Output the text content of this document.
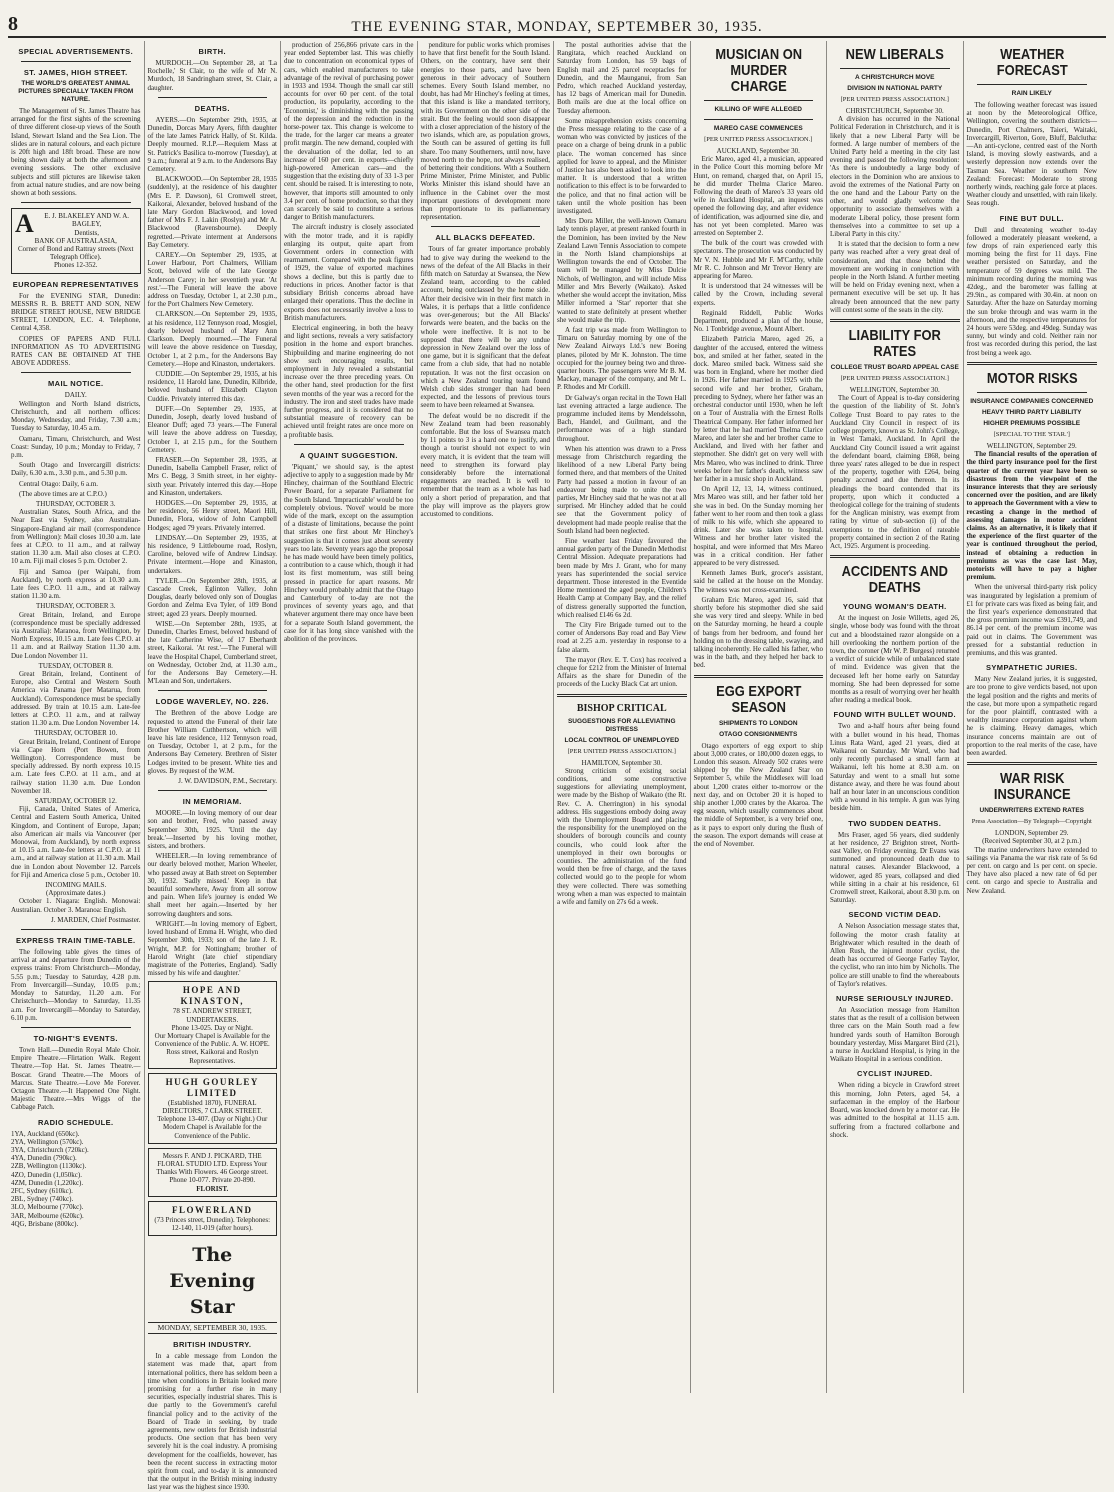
8	THE EVENING STAR, MONDAY, SEPTEMBER 30, 1935.
SPECIAL ADVERTISEMENTS.
ST. JAMES, HIGH STREET.
THE WORLD'S GREATEST ANIMAL PICTURES SPECIALLY TAKEN FROM NATURE.

The Management of St. James Theatre has arranged for the first sights of the screening of three different close-up views of the South Island, Stewart Island and the Sea Lion. The slides are in natural colours, and each picture is 20ft high and 18ft broad. These are now being shown daily at both the afternoon and evening sessions. The other exclusive subjects and still pictures are likewise taken from actual nature studies, and are now being shown at both sessions.

A	E. J. BLAKELEY AND W. A. BAGLEY,
Dentists,
BANK OF AUSTRALASIA,
Corner of Bond and Rattray streets (Next Telegraph Office).
Phones 12-352.
EUROPEAN REPRESENTATIVES

For the EVENING STAR, Dunedin: MESSRS R. B. BRETT AND SON, NEW BRIDGE STREET HOUSE, NEW BRIDGE STREET, LONDON, E.C. 4. Telephone, Central 4,358.

COPIES OF PAPERS AND FULL INFORMATION AS TO ADVERTISING RATES CAN BE OBTAINED AT THE ABOVE ADDRESS.

MAIL NOTICE.
DAILY.

Wellington and North Island districts, Christchurch, and all northern offices: Monday, Wednesday, and Friday, 7.30 a.m.; Tuesday to Saturday, 10.45 a.m.

Oamaru, Timaru, Christchurch, and West Coast: Sunday, 10 p.m.; Monday to Friday, 7 p.m.

South Otago and Invercargill districts: Daily, 6.30 a.m., 3.30 p.m., and 5.30 p.m.

Central Otago: Daily, 6 a.m.

(The above times are at C.P.O.)

THURSDAY, OCTOBER 3.

Australian States, South Africa, and the Near East via Sydney, also Australian-Singapore-England air mail (correspondence from Wellington): Mail closes 10.30 a.m. late fees at C.P.O. to 11 a.m., and at railway station 11.30 a.m. Mail also closes at C.P.O. 10 a.m. Fiji mail closes 5 p.m. October 2.

Fiji and Samoa (per Waipahi, from Auckland), by north express at 10.30 a.m. Late fees C.P.O. 11 a.m., and at railway station 11.30 a.m.

THURSDAY, OCTOBER 3.

Great Britain, Ireland, and Europe (correspondence must be specially addressed via Australia): Maranoa, from Wellington, by North Express, 10.15 a.m. Late fees C.P.O. at 11 a.m. and at Railway Station 11.30 a.m. Due London November 11.

TUESDAY, OCTOBER 8.

Great Britain, Ireland, Continent of Europe, also Central and Western South America via Panama (per Matarua, from Auckland). Correspondence must be specially addressed. By train at 10.15 a.m. Late-fee letters at C.P.O. 11 a.m., and at railway station 11.30 a.m. Due London November 14.

THURSDAY, OCTOBER 10.

Great Britain, Ireland, Continent of Europe via Cape Horn (Port Bowen, from Wellington). Correspondence must be specially addressed. By north express 10.15 a.m. Late fees C.P.O. at 11 a.m., and at railway station 11.30 a.m. Due London November 18.

SATURDAY, OCTOBER 12.

Fiji, Canada, United States of America, Central and Eastern South America, United Kingdom, and Continent of Europe, Japan; also American air mails via Vancouver (per Monowai, from Auckland), by north express at 10.15 a.m. Late-fee letters at C.P.O. at 11 a.m., and at railway station at 11.30 a.m. Mail due in London about November 12. Parcels for Fiji and America close 5 p.m., October 10.

INCOMING MAILS.
(Approximate dates.)

October 1. Niagara: English. Monowai: Australian. October 3. Maranoa: English.

J. MARDEN, Chief Postmaster.
EXPRESS TRAIN TIME-TABLE.

The following table gives the times of arrival at and departure from Dunedin of the express trains: From Christchurch—Monday, 5.55 p.m.; Tuesday to Saturday, 4.28 p.m. From Invercargill—Sunday, 10.05 p.m.; Monday to Saturday, 11.20 a.m. For Christchurch—Monday to Saturday, 11.35 a.m. For Invercargill—Monday to Saturday, 6.10 p.m.

TO-NIGHT'S EVENTS.

Town Hall.—Dunedin Royal Male Choir. Empire Theatre.—Flirtation Walk. Regent Theatre.—Top Hat. St. James Theatre.—Boscar. Grand Theatre.—The Moors of Marcus. State Theatre.—Love Me Forever. Octagon Theatre.—It Happened One Night. Majestic Theatre.—Mrs Wiggs of the Cabbage Patch.

RADIO SCHEDULE.
1YA, Auckland (650kc).
2YA, Wellington (570kc).
3YA, Christchurch (720kc).
4YA, Dunedin (790kc).
2ZB, Wellington (1130kc).
4ZO, Dunedin (1,050kc).
4ZM, Dunedin (1,220kc).
2FC, Sydney (610kc).
2BL, Sydney (740kc).
3LO, Melbourne (770kc).
3AR, Melbourne (620kc).
4QG, Brisbane (800kc).
BIRTH.

MURDOCH.—On September 28, at 'La Rochelle,' St Clair, to the wife of Mr N. Murdoch, 18 Sandringham street, St. Clair, a daughter.

DEATHS.

AYERS.—On September 29th, 1935, at Dunedin, Dorcas Mary Ayers, fifth daughter of the late James Patrick Hally, of St. Kilda. Deeply mourned. R.I.P.—Requiem Mass at St. Patrick's Basilica to-morrow (Tuesday), at 9 a.m.; funeral at 9 a.m. to the Andersons Bay Cemetery.

BLACKWOOD.—On September 28, 1935 (suddenly), at the residence of his daughter (Mrs E. P. Dawson), 61 Cromwell street, Kaikorai, Alexander, beloved husband of the late Mary Gordon Blackwood, and loved father of Mrs F. J. Lakin (Roslyn) and Mr A. Blackwood (Ravensbourne). Deeply regretted.—Private interment at Andersons Bay Cemetery.

CAREY.—On September 29, 1935, at Lower Harbour, Port Chalmers, William Scott, beloved wife of the late George Anderson Carey; in her seventieth year. 'At rest.'—The Funeral will leave the above address on Tuesday, October 1, at 2.30 p.m., for the Port Chalmers New Cemetery.

CLARKSON.—On September 29, 1935, at his residence, 112 Tennyson road, Mosgiel, dearly beloved husband of Mary Ann Clarkson. Deeply mourned.—The Funeral will leave the above residence on Tuesday, October 1, at 2 p.m., for the Andersons Bay Cemetery.—Hope and Kinaston, undertakers.

CUDDIE.—On September 29, 1935, at his residence, 11 Harold lane, Dunedin, Kilbride, beloved husband of Elizabeth Clayton Cuddie. Privately interred this day.

DUFF.—On September 29, 1935, at Dunedin, Joseph, dearly loved husband of Eleanor Duff; aged 73 years.—The Funeral will leave the above address on Tuesday, October 1, at 2.15 p.m., for the Southern Cemetery.

FRASER.—On September 28, 1935, at Dunedin, Isabella Campbell Fraser, relict of Mrs C. Begg, 3 Smith street, in her eighty-sixth year. Privately interred this day.—Hope and Kinaston, undertakers.

HODGES.—On September 29, 1935, at her residence, 56 Henry street, Maori Hill, Dunedin, Flora, widow of John Campbell Hodges; aged 79 years. Privately interred.

LINDSAY.—On September 29, 1935, at his residence, 9 Littlebourne road, Roslyn, Caroline, beloved wife of Andrew Lindsay. Private interment.—Hope and Kinaston, undertakers.

TYLER.—On September 28th, 1935, at Cascade Creek, Eglinton Valley, John Douglas, dearly beloved only son of Douglas Gordon and Zelma Eva Tyler, of 109 Bond street; aged 23 years. Deeply mourned.

WISE.—On September 28th, 1935, at Dunedin, Charles Ernest, beloved husband of the late Catherine Wise, of 17 Eberhardt street, Kaikorai. 'At rest.'—The Funeral will leave the Hospital Chapel, Cumberland street, on Wednesday, October 2nd, at 11.30 a.m., for the Andersons Bay Cemetery.—H. M'Lean and Son, undertakers.

LODGE WAVERLEY, NO. 226.

The Brethren of the above Lodge are requested to attend the Funeral of their late Brother William Cuthbertson, which will leave his late residence, 112 Tennyson road, on Tuesday, October 1, at 2 p.m., for the Andersons Bay Cemetery. Brethren of Sister Lodges invited to be present. White ties and gloves. By request of the W.M.

J. W. DAVIDSON, P.M., Secretary.
IN MEMORIAM.

MOORE.—In loving memory of our dear son and brother, Fred, who passed away September 30th, 1925. 'Until the day break.'—Inserted by his loving mother, sisters, and brothers.

WHEELER.—In loving remembrance of our dearly beloved mother, Marion Wheeler, who passed away at Bath street on September 30, 1932. 'Sadly missed.' Keep in that beautiful somewhere, Away from all sorrow and pain. When life's journey is ended We shall meet her again.—Inserted by her sorrowing daughters and sons.

WRIGHT.—In loving memory of Egbert, loved husband of Emma H. Wright, who died September 30th, 1933; son of the late J. R. Wright, M.P. for Nottingham; brother of Harold Wright (late chief stipendiary magistrate of the Potteries, England). 'Sadly missed by his wife and daughter.'

HOPE AND KINASTON,
78 ST. ANDREW STREET, UNDERTAKERS.
Phone 13-025. Day or Night.
Our Mortuary Chapel is Available for the Convenience of the Public. A. W. HOPE. Ross street, Kaikorai and Roslyn Representatives.
HUGH GOURLEY LIMITED
(Established 1870), FUNERAL DIRECTORS, 7 CLARK STREET. Telephone 13-407. (Day or Night.) Our Modern Chapel is Available for the Convenience of the Public.
Messrs F. AND J. PICKARD, THE FLORAL STUDIO LTD. Express Your Thanks With Flowers. 46 George street. Phone 10-077. Private 20-890.
FLORIST.
FLOWERLAND
(73 Princes street, Dunedin). Telephones: 12-140, 11-019 (after hours).
The Evening Star
MONDAY, SEPTEMBER 30, 1935.
BRITISH INDUSTRY.

In a cable message from London the statement was made that, apart from international politics, there has seldom been a time when conditions in Britain looked more promising for a further rise in many securities, especially industrial shares. This is due partly to the Government's careful financial policy and to the activity of the Board of Trade in seeking, by trade agreements, new outlets for British industrial products. One section that has been very severely hit is the coal industry. A promising development for the coalfields, however, has been the recent success in extracting motor spirit from coal, and to-day it is announced that the output in the British mining industry last year was the highest since 1930.

production of 256,866 private cars in the year ended September last. This was chiefly due to concentration on economical types of cars, which enabled manufacturers to take advantage of the revival of purchasing power in 1933 and 1934. Though the small car still accounts for over 60 per cent. of the total production, its popularity, according to the 'Economist,' is diminishing with the passing of the depression and the reduction in the horse-power tax. This change is welcome to the trade, for the larger car means a greater profit margin. The new demand, coupled with the devaluation of the dollar, led to an increase of 160 per cent. in exports—chiefly high-powered American cars—and the suggestion that the existing duty of 33 1-3 per cent. should be raised. It is interesting to note, however, that imports still amounted to only 3.4 per cent. of home production, so that they can scarcely be said to constitute a serious danger to British manufacturers.

The aircraft industry is closely associated with the motor trade, and it is rapidly enlarging its output, quite apart from Government orders in connection with rearmament. Compared with the peak figures of 1929, the value of exported machines shows a decline, but this is partly due to reductions in prices. Another factor is that subsidiary British concerns abroad have enlarged their operations. Thus the decline in exports does not necessarily involve a loss to British manufacturers.

Electrical engineering, in both the heavy and light sections, reveals a very satisfactory position in the home and export branches. Shipbuilding and marine engineering do not show such encouraging results, but employment in July revealed a substantial increase over the three preceding years. On the other hand, steel production for the first seven months of the year was a record for the industry. The iron and steel trades have made further progress, and it is considered that no substantial measure of recovery can be achieved until freight rates are once more on a profitable basis.

A QUAINT SUGGESTION.

'Piquant,' we should say, is the aptest adjective to apply to a suggestion made by Mr Hinchey, chairman of the Southland Electric Power Board, for a separate Parliament for the South Island. 'Impracticable' would be too completely obvious. 'Novel' would be more wide of the mark, except on the assumption of a distaste of limitations, because the point that strikes one first about Mr Hinchey's suggestion is that it comes just about seventy years too late. Seventy years ago the proposal he has made would have been timely politics, a contribution to a cause which, though it had lost its first momentum, was still being pressed in practice for apart reasons. Mr Hinchey would probably admit that the Otago and Canterbury of to-day are not the provinces of seventy years ago, and that whatever argument there may once have been for a separate South Island government, the case for it has long since vanished with the abolition of the provinces.

penditure for public works which promises to have that first benefit for the South Island. Others, on the contrary, have sent their energies to those parts, and have been generous in their advocacy of Southern schemes. Every South Island member, no doubt, has had Mr Hinchey's feeling at times, that this island is like a mandated territory, with its Government on the other side of the strait. But the feeling would soon disappear with a closer appreciation of the history of the two islands, which are, as population grows, the South can be assured of getting its full share. Too many Southerners, until now, have moved north to the hope, not always realised, of bettering their conditions. With a Southern Prime Minister, Prime Minister, and Public Works Minister this island should have an influence in the Cabinet over the most important questions of development more than proportionate to its parliamentary representation.

ALL BLACKS DEFEATED.

Tours of far greater importance probably had to give way during the weekend to the news of the defeat of the All Blacks in their fifth match on Saturday at Swansea, the New Zealand team, according to the cabled account, being outclassed by the home side. After their decisive win in their first match in Wales, it is perhaps that a little confidence was over-generous; but the All Blacks' forwards were beaten, and the backs on the whole were ineffective. It is not to be supposed that there will be any undue depression in New Zealand over the loss of one game, but it is significant that the defeat came from a club side, that had no notable reputation. It was not the first occasion on which a New Zealand touring team found Welsh club sides stronger than had been expected, and the lessons of previous tours seem to have been relearned at Swansea.

The defeat would be no discredit if the New Zealand team had been reasonably comfortable. But the loss of Swansea match by 11 points to 3 is a hard one to justify, and though a tourist should not expect to win every match, it is evident that the team will need to strengthen its forward play considerably before the international engagements are reached. It is well to remember that the team as a whole has had only a short period of preparation, and that the play will improve as the players grow accustomed to conditions.

The postal authorities advise that the Rangitata, which reached Auckland on Saturday from London, has 59 bags of English mail and 25 parcel receptacles for Dunedin, and the Maunganui, from San Pedro, which reached Auckland yesterday, has 12 bags of American mail for Dunedin. Both mails are due at the local office on Tuesday afternoon.

Some misapprehension exists concerning the Press message relating to the case of a woman who was convicted by justices of the peace on a charge of being drunk in a public place. The woman concerned has since applied for leave to appeal, and the Minister of Justice has also been asked to look into the matter. It is understood that a written notification to this effect is to be forwarded to the police, and that no final action will be taken until the whole position has been investigated.

Mrs Dora Miller, the well-known Oamaru lady tennis player, at present ranked fourth in the Dominion, has been invited by the New Zealand Lawn Tennis Association to compete in the North Island championships at Wellington towards the end of October. The team will be managed by Miss Dulcie Nichols, of Wellington, and will include Miss Miller and Mrs Beverly (Waikato). Asked whether she would accept the invitation, Miss Miller informed a 'Star' reporter that she wanted to state definitely at present whether she would make the trip.

A fast trip was made from Wellington to Timaru on Saturday morning by one of the New Zealand Airways Ltd.'s new Boeing planes, piloted by Mr K. Johnston. The time occupied for the journey being two and three-quarter hours. The passengers were Mr B. M. Mackay, manager of the company, and Mr L. P. Rhodes and Mr Corkill.

Dr Galway's organ recital in the Town Hall last evening attracted a large audience. The programme included items by Mendelssohn, Bach, Handel, and Guilmant, and the performance was of a high standard throughout.

When his attention was drawn to a Press message from Christchurch regarding the likelihood of a new Liberal Party being formed there, and that members of the United Party had passed a motion in favour of an endeavour being made to unite the two parties, Mr Hinchey said that he was not at all surprised. Mr Hinchey added that he could see that the Government policy of development had made people realise that the South Island had been neglected.

Fine weather last Friday favoured the annual garden party of the Dunedin Methodist Central Mission. Adequate preparations had been made by Mrs J. Grant, who for many years has superintended the social service department. Those interested in the Eventide Home mentioned the aged people, Children's Health Camp at Company Bay, and the relief of distress generally supported the function, which realised £146 6s 2d.

The City Fire Brigade turned out to the corner of Andersons Bay road and Bay View road at 2.25 a.m. yesterday in response to a false alarm.

The mayor (Rev. E. T. Cox) has received a cheque for £212 from the Minister of Internal Affairs as the share for Dunedin of the proceeds of the Lucky Black Cat art union.

BISHOP CRITICAL
SUGGESTIONS FOR ALLEVIATING DISTRESS
LOCAL CONTROL OF UNEMPLOYED
[PER UNITED PRESS ASSOCIATION.]
HAMILTON, September 30.

Strong criticism of existing social conditions, and some constructive suggestions for alleviating unemployment, were made by the Bishop of Waikato (the Rt. Rev. C. A. Cherrington) in his synodal address. His suggestions embody doing away with the Unemployment Board and placing the responsibility for the unemployed on the shoulders of borough councils and county councils, who could look after the unemployed in their own boroughs or counties. The administration of the fund would then be free of charge, and the taxes collected would go to the people for whom they were collected. There was something wrong when a man was expected to maintain a wife and family on 27s 6d a week.

MUSICIAN ON MURDER CHARGE
KILLING OF WIFE ALLEGED
MAREO CASE COMMENCES
[PER UNITED PRESS ASSOCIATION.]
AUCKLAND, September 30.

Eric Mareo, aged 41, a musician, appeared in the Police Court this morning before Mr Hunt, on remand, charged that, on April 15, he did murder Thelma Clarice Mareo. Following the death of Mareo's 33 years old wife in Auckland Hospital, an inquest was opened the following day, and after evidence of identification, was adjourned sine die, and has not yet been completed. Mareo was arrested on September 2.

The bulk of the court was crowded with spectators. The prosecution was conducted by Mr V. N. Hubble and Mr F. M'Carthy, while Mr R. C. Johnson and Mr Trevor Henry are appearing for Mareo.

It is understood that 24 witnesses will be called by the Crown, including several experts.

Reginald Riddell, Public Works Department, produced a plan of the house, No. 1 Tonbridge avenue, Mount Albert.

Elizabeth Patricia Mareo, aged 26, a daughter of the accused, entered the witness box, and smiled at her father, seated in the dock. Mareo smiled back. Witness said she was born in England, where her mother died in 1926. Her father married in 1925 with the second wife and her brother, Graham, preceding to Sydney, where her father was an orchestral conductor until 1930, when he left on a Tour of Australia with the Ernest Rolls Theatrical Company. Her father informed her by letter that he had married Thelma Clarice Mareo, and later she and her brother came to Auckland, and lived with her father and stepmother. She didn't get on very well with Mrs Mareo, who was inclined to drink. Three weeks before her father's death, witness saw her father in a music shop in Auckland.

On April 12, 13, 14, witness continued, Mrs Mareo was still, and her father told her she was in bed. On the Sunday morning her father went to her room and then took a glass of milk to his wife, which she appeared to drink. Later she was taken to hospital. Witness and her brother later visited the hospital, and were informed that Mrs Mareo was in a critical condition. Her father appeared to be very distressed.

Kenneth James Burk, grocer's assistant, said he called at the house on the Monday. The witness was not cross-examined.

Graham Eric Mareo, aged 16, said that shortly before his stepmother died she said she was very tired and sleepy. While in bed on the Saturday morning, he heard a couple of bangs from her bedroom, and found her holding on to the dressing table, swaying, and talking incoherently. He called his father, who was in the bath, and they helped her back to bed.

EGG EXPORT SEASON
SHIPMENTS TO LONDON
OTAGO CONSIGNMENTS

Otago exporters of egg export to ship about 3,000 crates, or 180,000 dozen eggs, to London this season. Already 502 crates were shipped by the New Zealand Star on September 5, while the Middlesex will load about 1,200 crates either to-morrow or the next day, and on October 20 it is hoped to ship another 1,000 crates by the Akaroa. The egg season, which usually commences about the middle of September, is a very brief one, as it pays to export only during the flush of the season. The export demands will cease at the end of November.

NEW LIBERALS
A CHRISTCHURCH MOVE
DIVISION IN NATIONAL PARTY
[PER UNITED PRESS ASSOCIATION.]
CHRISTCHURCH, September 30.

A division has occurred in the National Political Federation in Christchurch, and it is likely that a new Liberal Party will be formed. A large number of members of the United Party held a meeting in the city last evening and passed the following resolution: 'As there is undoubtedly a large body of electors in the Dominion who are anxious to avoid the extremes of the National Party on the one hand and the Labour Party on the other, and would gladly welcome the opportunity to associate themselves with a moderate Liberal policy, those present form themselves into a committee to set up a Liberal Party in this city.'

It is stated that the decision to form a new party was reached after a very great deal of consideration, and that those behind the movement are working in conjunction with people in the North Island. A further meeting will be held on Friday evening next, when a permanent executive will be set up. It has already been announced that the new party will contest some of the seats in the city.

LIABILITY FOR RATES
COLLEGE TRUST BOARD APPEAL CASE
[PER UNITED PRESS ASSOCIATION.]
WELLINGTON, September 30.

The Court of Appeal is to-day considering the question of the liability of St. John's College Trust Board to pay rates to the Auckland City Council in respect of its college property, known as St. John's College, in West Tamaki, Auckland. In April the Auckland City Council issued a writ against the defendant board, claiming £868, being three years' rates alleged to be due in respect of the property, together with £264, being penalty accrued and due thereon. In its pleadings the board contended that its property, upon which it conducted a theological college for the training of students for the Anglican ministry, was exempt from rating by virtue of sub-section (i) of the exemptions to the definition of rateable property contained in section 2 of the Rating Act, 1925. Argument is proceeding.

ACCIDENTS AND DEATHS
YOUNG WOMAN'S DEATH.

At the inquest on Josie Willetts, aged 26, single, whose body was found with the throat cut and a bloodstained razor alongside on a hill overlooking the northern portion of the town, the coroner (Mr W. P. Burgess) returned a verdict of suicide while of unbalanced state of mind. Evidence was given that the deceased left her home early on Saturday morning. She had been depressed for some months as a result of worrying over her health after reading a medical book.

FOUND WITH BULLET WOUND.

Two and a-half hours after being found with a bullet wound in his head, Thomas Linus Rata Ward, aged 21 years, died at Waikanui on Saturday. Mr Ward, who had only recently purchased a small farm at Waikanui, left his home at 8.30 a.m. on Saturday and went to a small hut some distance away, and there he was found about half an hour later in an unconscious condition with a wound in his temple. A gun was lying beside him.

TWO SUDDEN DEATHS.

Mrs Fraser, aged 56 years, died suddenly at her residence, 27 Brighton street, North-east Valley, on Friday evening. Dr Evans was summoned and pronounced death due to natural causes. Alexander Blackwood, a widower, aged 85 years, collapsed and died while sitting in a chair at his residence, 61 Cromwell street, Kaikorai, about 8.30 p.m. on Saturday.

SECOND VICTIM DEAD.

A Nelson Association message states that, following the motor crash fatality at Brightwater which resulted in the death of Allen Rush, the injured motor cyclist, the death has occurred of George Farley Taylor, the cyclist, who ran into him by Nicholls. The police are still unable to find the whereabouts of Taylor's relatives.

NURSE SERIOUSLY INJURED.

An Association message from Hamilton states that as the result of a collision between three cars on the Main South road a few hundred yards south of Hamilton Borough boundary yesterday, Miss Margaret Bird (21), a nurse in Auckland Hospital, is lying in the Waikato Hospital in a serious condition.

CYCLIST INJURED.

When riding a bicycle in Crawford street this morning, John Peters, aged 54, a surfaceman in the employ of the Harbour Board, was knocked down by a motor car. He was admitted to the hospital at 11.15 a.m. suffering from a fractured collarbone and shock.

WEATHER FORECAST
RAIN LIKELY

The following weather forecast was issued at noon by the Meteorological Office, Wellington, covering the southern districts—Dunedin, Port Chalmers, Taieri, Waitaki, Invercargill, Riverton, Gore, Bluff, Balclutha:—An anti-cyclone, centred east of the North Island, is moving slowly eastwards, and a westerly depression now extends over the Tasman Sea. Weather in southern New Zealand: Forecast: Moderate to strong northerly winds, reaching gale force at places. Weather cloudy and unsettled, with rain likely. Seas rough.

FINE BUT DULL.

Dull and threatening weather to-day followed a moderately pleasant weekend, a few drops of rain experienced early this morning being the first for 11 days. Fine weather persisted on Saturday, and the temperature of 59 degrees was mild. The minimum recording during the morning was 42deg., and the barometer was falling at 29.9in., as compared with 30.4in. at noon on Saturday. After the haze on Saturday morning the sun broke through and was warm in the afternoon, and the respective temperatures for 24 hours were 53deg. and 49deg. Sunday was sunny, but windy and cold. Neither rain nor frost was recorded during this period, the last frost being a week ago.

MOTOR RISKS
INSURANCE COMPANIES CONCERNED
HEAVY THIRD PARTY LIABILITY
HIGHER PREMIUMS POSSIBLE
[SPECIAL TO THE 'STAR.']
WELLINGTON, September 29.

The financial results of the operation of the third party insurance pool for the first quarter of the current year have been so disastrous from the viewpoint of the insurance interests that they are seriously concerned over the position, and are likely to approach the Government with a view to recasting a change in the method of assessing damages in motor accident claims. As an alternative, it is likely that if the experience of the first quarter of the year is continued throughout the period, instead of obtaining a reduction in premiums as was the case last May, motorists will have to pay a higher premium.

When the universal third-party risk policy was inaugurated by legislation a premium of £1 for private cars was fixed as being fair, and the first year's experience demonstrated that the gross premium income was £391,749, and 86.14 per cent. of the premium income was paid out in claims. The Government was pressed for a substantial reduction in premiums, and this was granted.

SYMPATHETIC JURIES.

Many New Zealand juries, it is suggested, are too prone to give verdicts based, not upon the legal position and the rights and merits of the case, but more upon a sympathetic regard for the poor plaintiff, contrasted with a wealthy insurance corporation against whom he is claiming. Heavy damages, which insurance concerns maintain are out of proportion to the real merits of the case, have been awarded.

WAR RISK INSURANCE
UNDERWRITERS EXTEND RATES
Press Association—By Telegraph—Copyright
LONDON, September 29.
(Received September 30, at 2 p.m.)

The marine underwriters have extended to sailings via Panama the war risk rate of 5s 6d per cent. on cargo and 1s per cent. on specie. They have also placed a new rate of 6d per cent. on cargo and specie to Australia and New Zealand.
